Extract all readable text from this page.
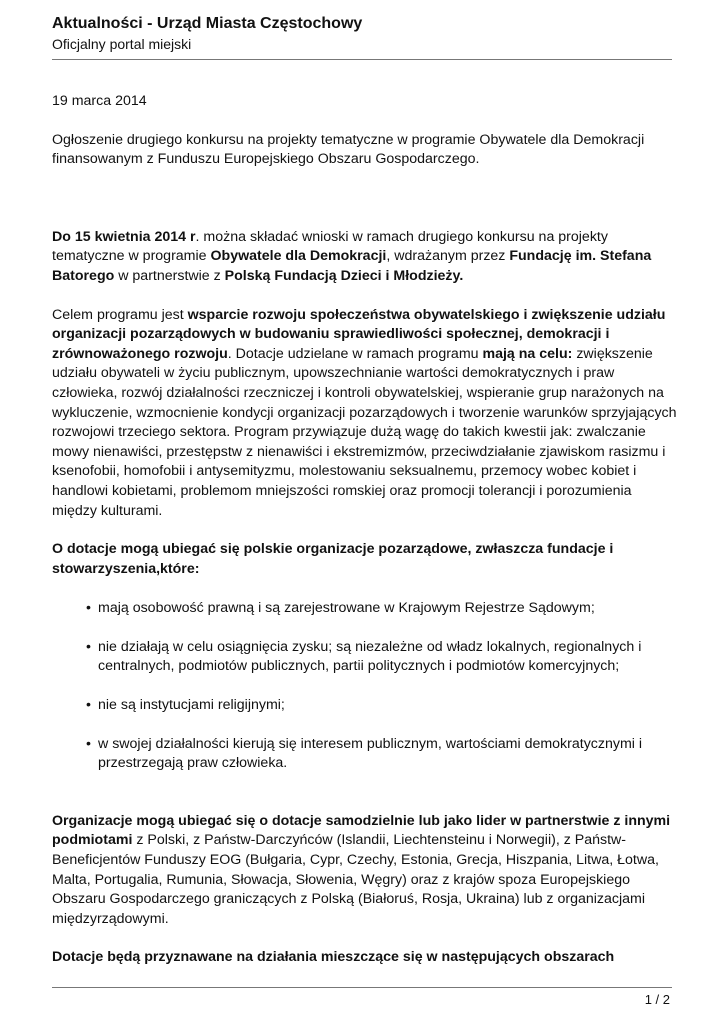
Aktualności - Urząd Miasta Częstochowy
Oficjalny portal miejski

19 marca 2014

Ogłoszenie drugiego konkursu na projekty tematyczne w programie Obywatele dla Demokracji finansowanym z Funduszu Europejskiego Obszaru Gospodarczego.

Do 15 kwietnia 2014 r. można składać wnioski w ramach drugiego konkursu na projekty tematyczne w programie Obywatele dla Demokracji, wdrażanym przez Fundację im. Stefana Batorego w partnerstwie z Polską Fundacją Dzieci i Młodzieży.

Celem programu jest wsparcie rozwoju społeczeństwa obywatelskiego i zwiększenie udziału organizacji pozarządowych w budowaniu sprawiedliwości społecznej, demokracji i zrównoważonego rozwoju. Dotacje udzielane w ramach programu mają na celu: zwiększenie udziału obywateli w życiu publicznym, upowszechnianie wartości demokratycznych i praw człowieka, rozwój działalności rzeczniczej i kontroli obywatelskiej, wspieranie grup narażonych na wykluczenie, wzmocnienie kondycji organizacji pozarządowych i tworzenie warunków sprzyjających rozwojowi trzeciego sektora. Program przywiązuje dużą wagę do takich kwestii jak: zwalczanie mowy nienawiści, przestępstw z nienawiści i ekstremizmów, przeciwdziałanie zjawiskom rasizmu i ksenofobii, homofobii i antysemityzmu, molestowaniu seksualnemu, przemocy wobec kobiet i handlowi kobietami, problemom mniejszości romskiej oraz promocji tolerancji i porozumienia między kulturami.

O dotacje mogą ubiegać się polskie organizacje pozarządowe, zwłaszcza fundacje i stowarzyszenia,które:

• mają osobowość prawną i są zarejestrowane w Krajowym Rejestrze Sądowym;
• nie działają w celu osiągnięcia zysku; są niezależne od władz lokalnych, regionalnych i centralnych, podmiotów publicznych, partii politycznych i podmiotów komercyjnych;
• nie są instytucjami religijnymi;
• w swojej działalności kierują się interesem publicznym, wartościami demokratycznymi i przestrzegają praw człowieka.

Organizacje mogą ubiegać się o dotacje samodzielnie lub jako lider w partnerstwie z innymi podmiotami z Polski, z Państw-Darczyńców (Islandii, Liechtensteinu i Norwegii), z Państw-Beneficjentów Funduszy EOG (Bułgaria, Cypr, Czechy, Estonia, Grecja, Hiszpania, Litwa, Łotwa, Malta, Portugalia, Rumunia, Słowacja, Słowenia, Węgry) oraz z krajów spoza Europejskiego Obszaru Gospodarczego graniczących z Polską (Białoruś, Rosja, Ukraina) lub z organizacjami międzyrządowymi.

Dotacje będą przyznawane na działania mieszczące się w następujących obszarach

1 / 2
